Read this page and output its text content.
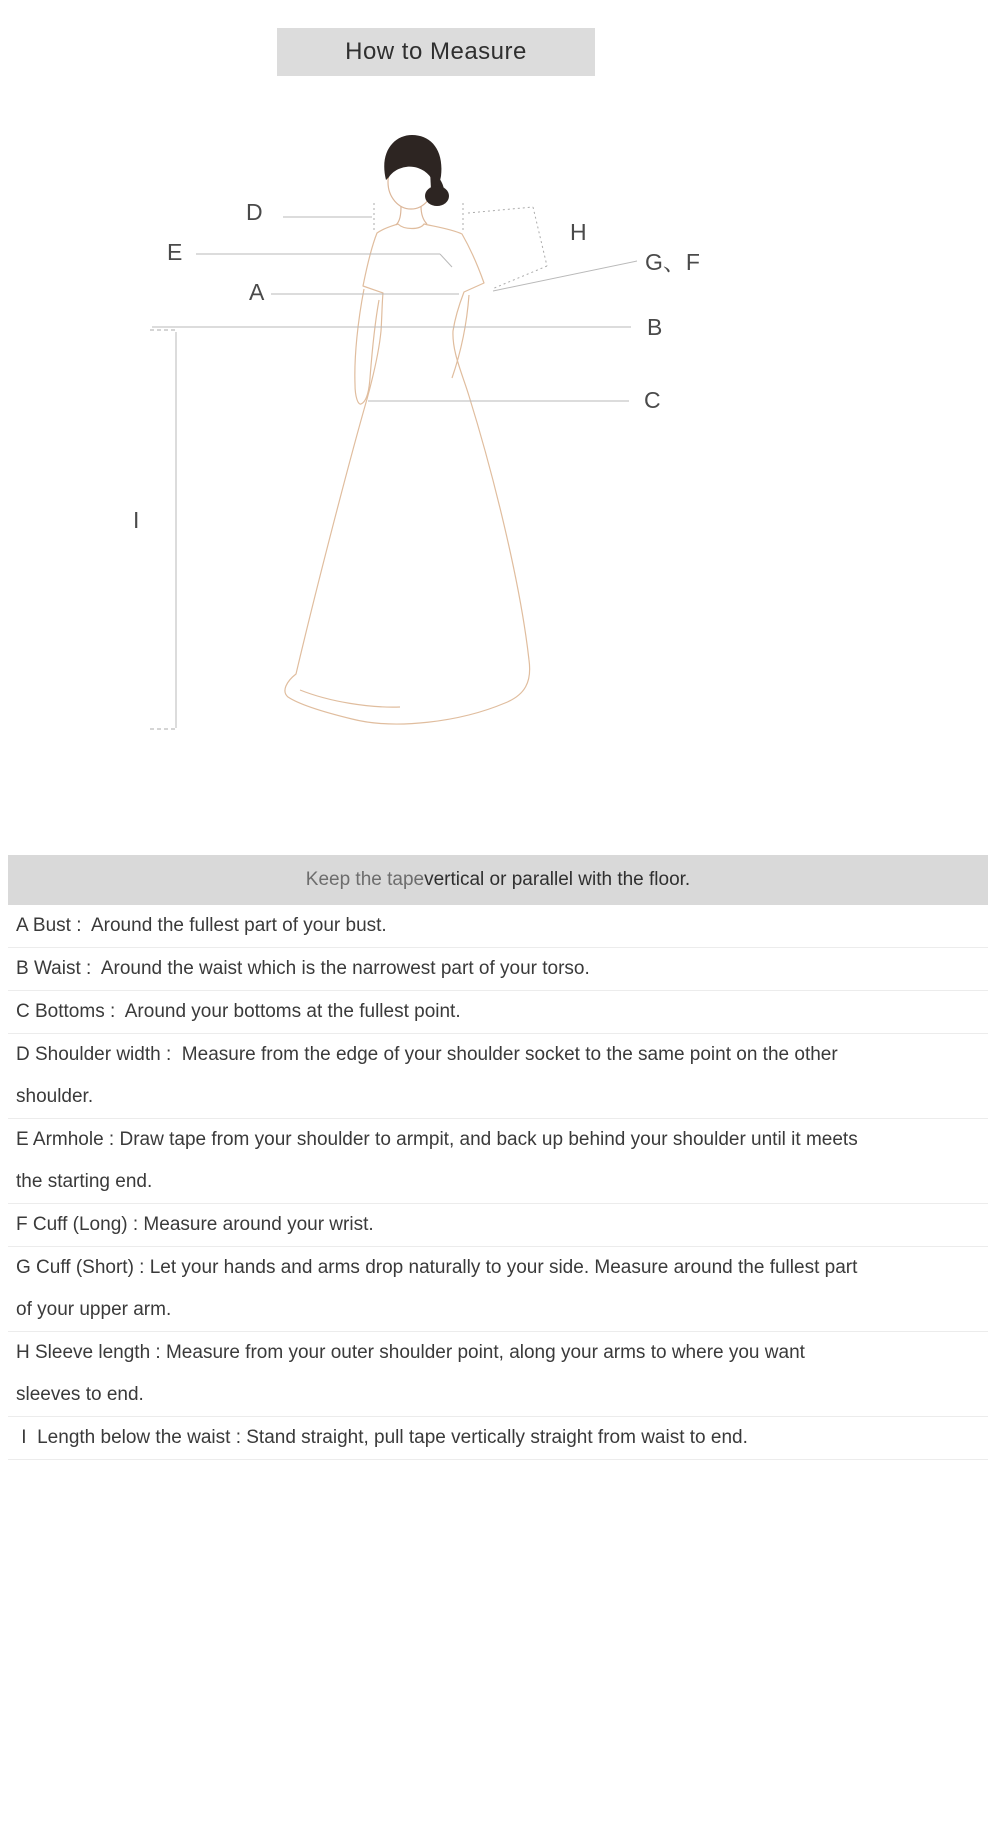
How to Measure
D
E
A
H
G、F
B
C
I
Keep the tape vertical or parallel with the floor.
A Bust :  Around the fullest part of your bust.
B Waist :  Around the waist which is the narrowest part of your torso.
C Bottoms :  Around your bottoms at the fullest point.
D Shoulder width :  Measure from the edge of your shoulder socket to the same point on the other shoulder.
E Armhole : Draw tape from your shoulder to armpit, and back up behind your shoulder until it meets the starting end.
F Cuff (Long) : Measure around your wrist.
G Cuff (Short) : Let your hands and arms drop naturally to your side. Measure around the fullest part of your upper arm.
H Sleeve length : Measure from your outer shoulder point, along your arms to where you want sleeves to end.
I  Length below the waist : Stand straight, pull tape vertically straight from waist to end.
